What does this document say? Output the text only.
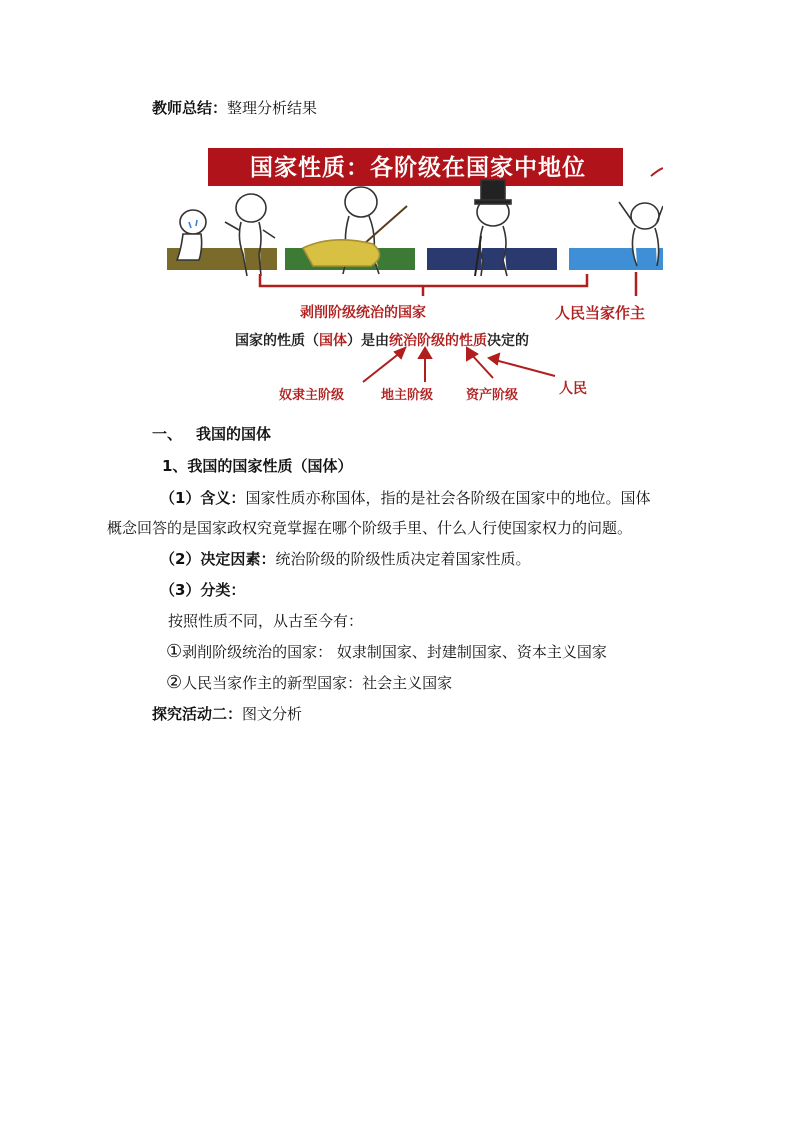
教师总结：整理分析结果
国家性质：各阶级在国家中地位
剥削阶级统治的国家	人民当家作主
国家的性质（国体）是由统治阶级的性质决定的
奴隶主阶级	地主阶级	资产阶级	人民
一、 我国的国体
1、我国的国家性质（国体）
（1）含义：国家性质亦称国体，指的是社会各阶级在国家中的地位。国体
概念回答的是国家政权究竟掌握在哪个阶级手里、什么人行使国家权力的问题。
（2）决定因素：统治阶级的阶级性质决定着国家性质。
（3）分类：
按照性质不同，从古至今有：
①剥削阶级统治的国家： 奴隶制国家、封建制国家、资本主义国家
②人民当家作主的新型国家：社会主义国家
探究活动二：图文分析
